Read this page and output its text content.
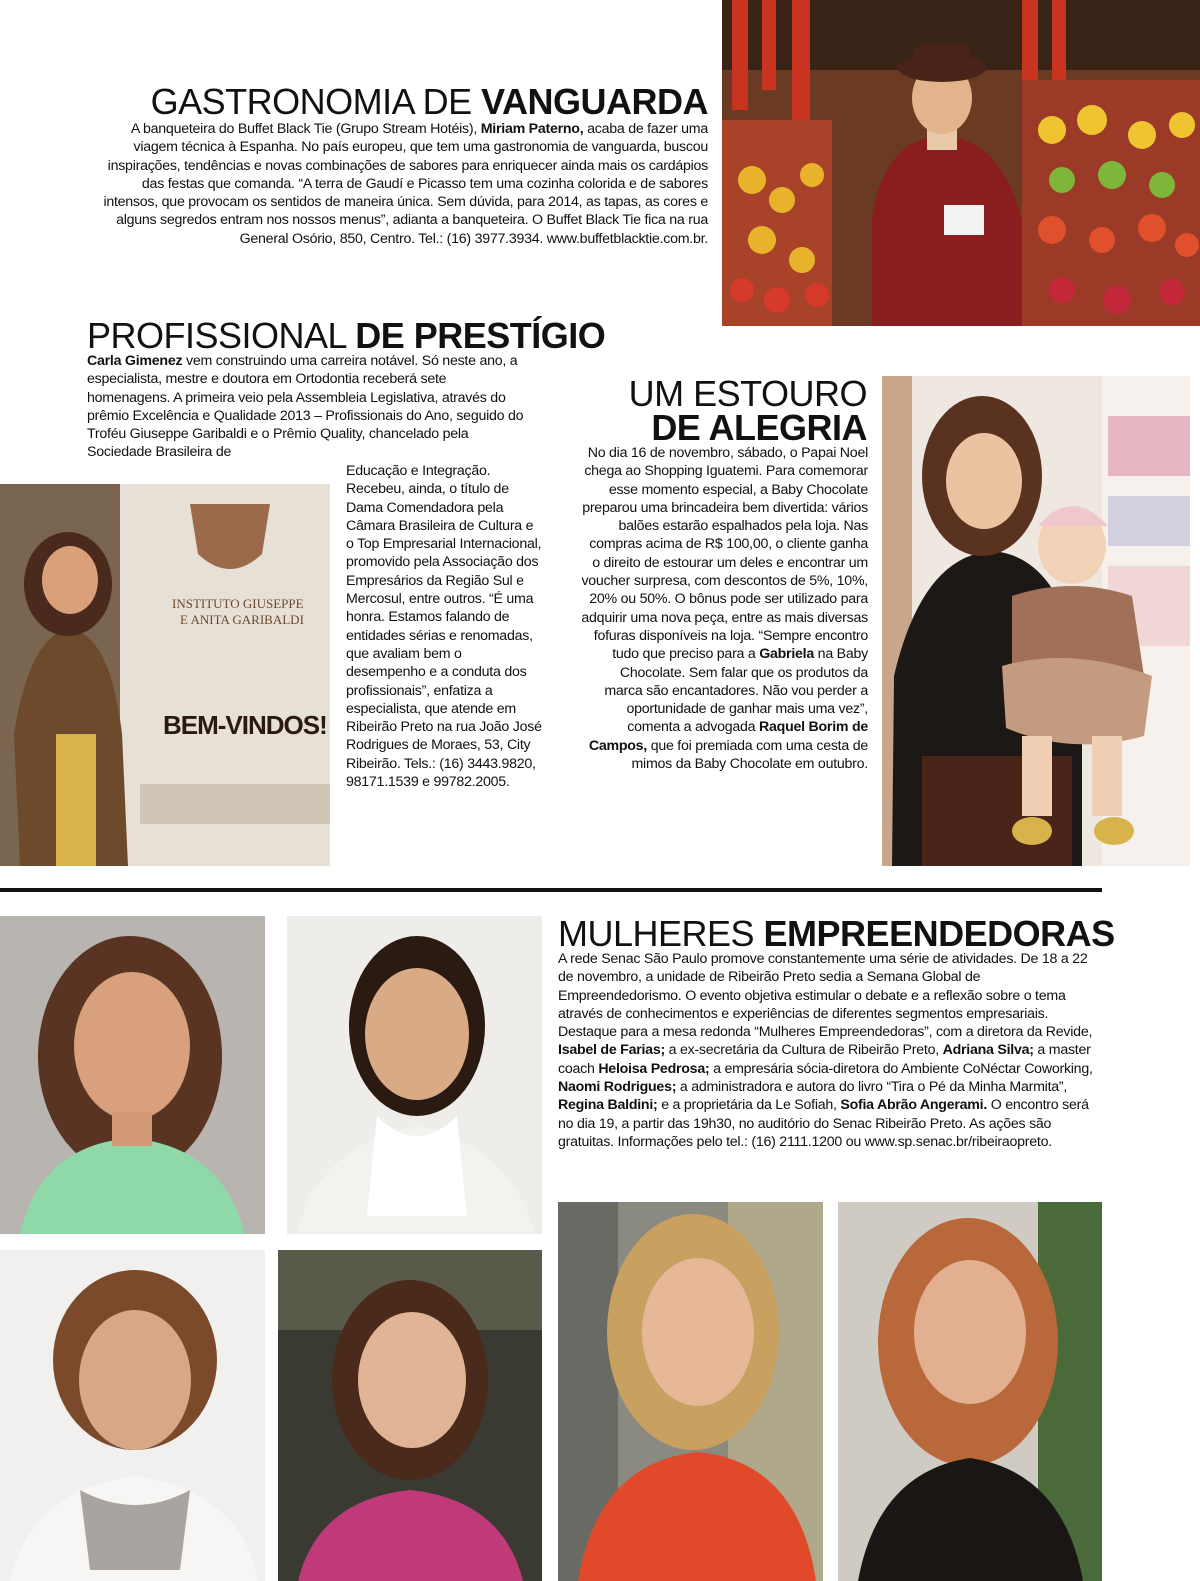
GASTRONOMIA DE VANGUARDA
A banqueteira do Buffet Black Tie (Grupo Stream Hotéis), Miriam Paterno, acaba de fazer uma viagem técnica à Espanha. No país europeu, que tem uma gastronomia de vanguarda, buscou inspirações, tendências e novas combinações de sabores para enriquecer ainda mais os cardápios das festas que comanda. “A terra de Gaudí e Picasso tem uma cozinha colorida e de sabores intensos, que provocam os sentidos de maneira única. Sem dúvida, para 2014, as tapas, as cores e alguns segredos entram nos nossos menus”, adianta a banqueteira. O Buffet Black Tie fica na rua General Osório, 850, Centro. Tel.: (16) 3977.3934. www.buffetblacktie.com.br.
PROFISSIONAL DE PRESTÍGIO
Carla Gimenez vem construindo uma carreira notável. Só neste ano, a especialista, mestre e doutora em Ortodontia receberá sete homenagens. A primeira veio pela Assembleia Legislativa, através do prêmio Excelência e Qualidade 2013 – Profissionais do Ano, seguido do Troféu Giuseppe Garibaldi e o Prêmio Quality, chancelado pela Sociedade Brasileira de
Educação e Integração. Recebeu, ainda, o título de Dama Comendadora pela Câmara Brasileira de Cultura e o Top Empresarial Internacional, promovido pela Associação dos Empresários da Região Sul e Mercosul, entre outros. “É uma honra. Estamos falando de entidades sérias e renomadas, que avaliam bem o desempenho e a conduta dos profissionais”, enfatiza a especialista, que atende em Ribeirão Preto na rua João José Rodrigues de Moraes, 53, City Ribeirão. Tels.: (16) 3443.9820, 98171.1539 e 99782.2005.
INSTITUTO GIUSEPPE
E ANITA GARIBALDI
BEM-VINDOS!
UM ESTOURO
DE ALEGRIA
No dia 16 de novembro, sábado, o Papai Noel chega ao Shopping Iguatemi. Para comemorar esse momento especial, a Baby Chocolate preparou uma brincadeira bem divertida: vários balões estarão espalhados pela loja. Nas compras acima de R$ 100,00, o cliente ganha o direito de estourar um deles e encontrar um voucher surpresa, com descontos de 5%, 10%, 20% ou 50%. O bônus pode ser utilizado para adquirir uma nova peça, entre as mais diversas fofuras disponíveis na loja. “Sempre encontro tudo que preciso para a Gabriela na Baby Chocolate. Sem falar que os produtos da marca são encantadores. Não vou perder a oportunidade de ganhar mais uma vez”, comenta a advogada Raquel Borim de Campos, que foi premiada com uma cesta de mimos da Baby Chocolate em outubro.
MULHERES EMPREENDEDORAS
A rede Senac São Paulo promove constantemente uma série de atividades. De 18 a 22 de novembro, a unidade de Ribeirão Preto sedia a Semana Global de Empreendedorismo. O evento objetiva estimular o debate e a reflexão sobre o tema através de conhecimentos e experiências de diferentes segmentos empresariais. Destaque para a mesa redonda “Mulheres Empreendedoras”, com a diretora da Revide, Isabel de Farias; a ex-secretária da Cultura de Ribeirão Preto, Adriana Silva; a master coach Heloisa Pedrosa; a empresária sócia-diretora do Ambiente CoNéctar Coworking, Naomi Rodrigues; a administradora e autora do livro “Tira o Pé da Minha Marmita”, Regina Baldini; e a proprietária da Le Sofiah, Sofia Abrão Angerami. O encontro será no dia 19, a partir das 19h30, no auditório do Senac Ribeirão Preto. As ações são gratuitas. Informações pelo tel.: (16) 2111.1200 ou www.sp.senac.br/ribeiraopreto.
